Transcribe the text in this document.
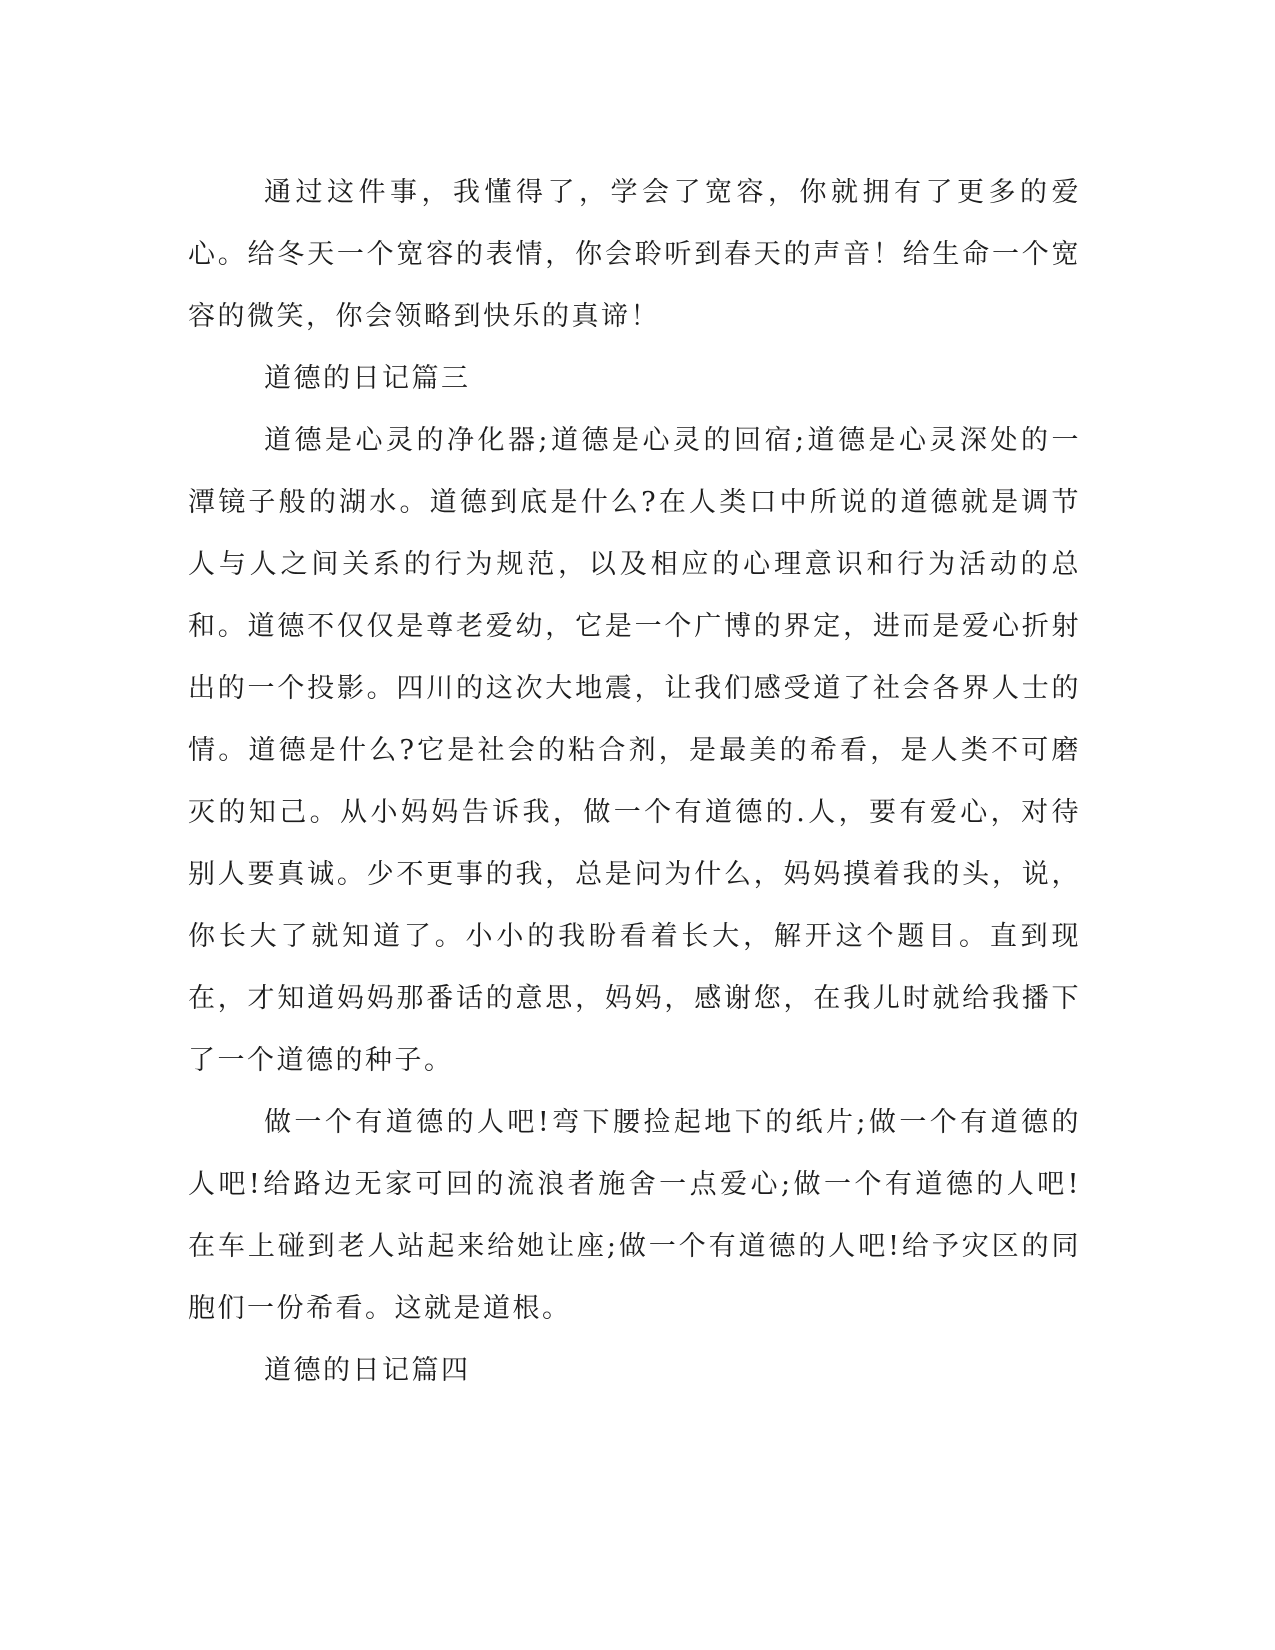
通过这件事，我懂得了，学会了宽容，你就拥有了更多的爱心。给冬天一个宽容的表情，你会聆听到春天的声音！给生命一个宽容的微笑，你会领略到快乐的真谛！

道德的日记篇三

道德是心灵的净化器;道德是心灵的回宿;道德是心灵深处的一潭镜子般的湖水。道德到底是什么?在人类口中所说的道德就是调节人与人之间关系的行为规范，以及相应的心理意识和行为活动的总和。道德不仅仅是尊老爱幼，它是一个广博的界定，进而是爱心折射出的一个投影。四川的这次大地震，让我们感受道了社会各界人士的情。道德是什么?它是社会的粘合剂，是最美的希看，是人类不可磨灭的知己。从小妈妈告诉我，做一个有道德的.人，要有爱心，对待别人要真诚。少不更事的我，总是问为什么，妈妈摸着我的头，说，你长大了就知道了。小小的我盼看着长大，解开这个题目。直到现在，才知道妈妈那番话的意思，妈妈，感谢您，在我儿时就给我播下了一个道德的种子。

做一个有道德的人吧!弯下腰捡起地下的纸片;做一个有道德的人吧!给路边无家可回的流浪者施舍一点爱心;做一个有道德的人吧!在车上碰到老人站起来给她让座;做一个有道德的人吧!给予灾区的同胞们一份希看。这就是道根。

道德的日记篇四
